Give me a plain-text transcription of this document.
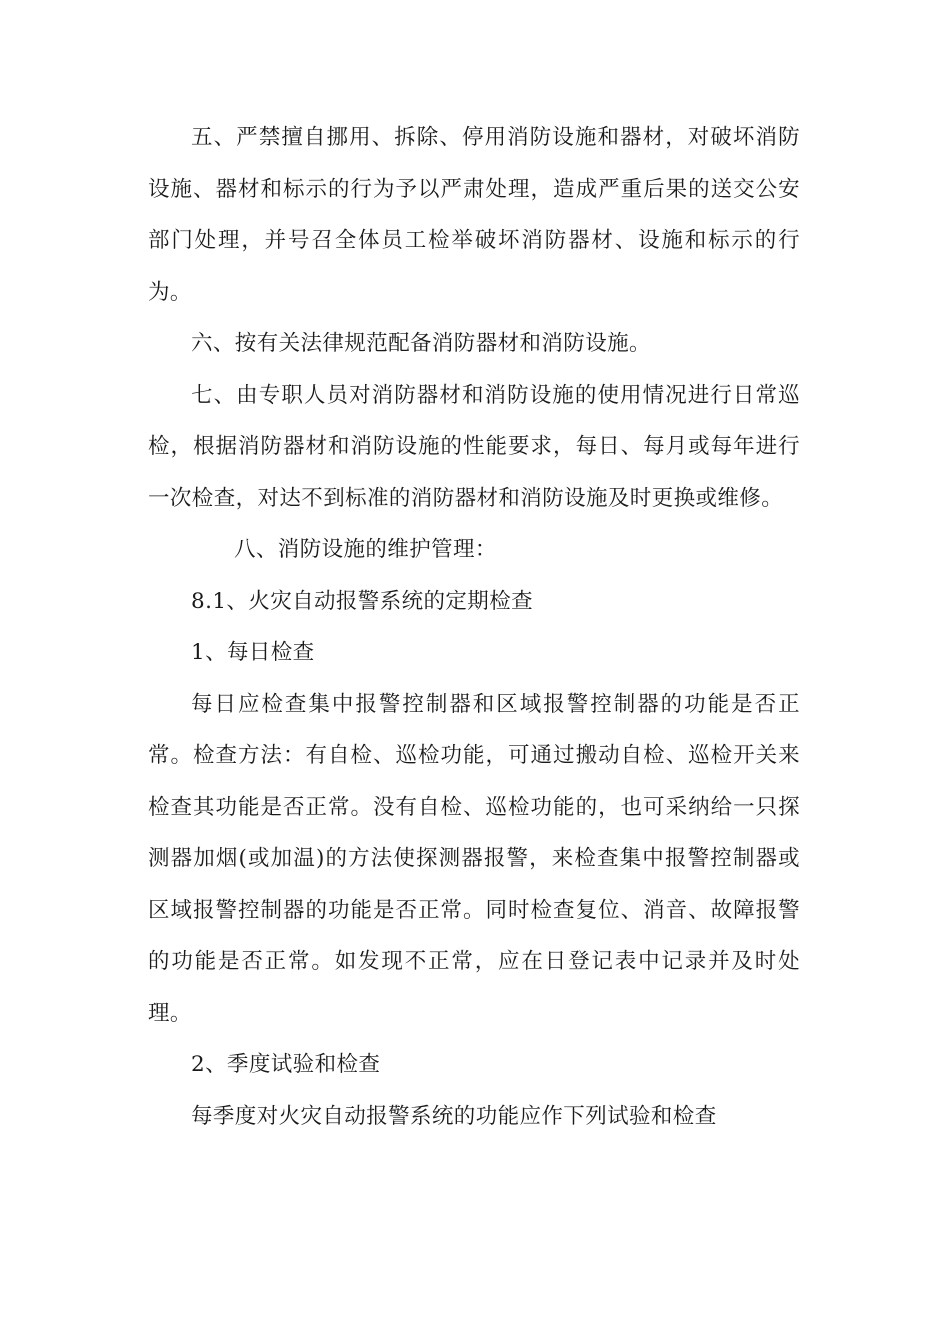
五、严禁擅自挪用、拆除、停用消防设施和器材，对破坏消防设施、器材和标示的行为予以严肃处理，造成严重后果的送交公安部门处理，并号召全体员工检举破坏消防器材、设施和标示的行为。

六、按有关法律规范配备消防器材和消防设施。

七、由专职人员对消防器材和消防设施的使用情况进行日常巡检，根据消防器材和消防设施的性能要求，每日、每月或每年进行一次检查，对达不到标准的消防器材和消防设施及时更换或维修。

八、消防设施的维护管理：

8.1、火灾自动报警系统的定期检查

1、每日检查

每日应检查集中报警控制器和区域报警控制器的功能是否正常。检查方法：有自检、巡检功能，可通过搬动自检、巡检开关来检查其功能是否正常。没有自检、巡检功能的，也可采纳给一只探测器加烟(或加温)的方法使探测器报警，来检查集中报警控制器或区域报警控制器的功能是否正常。同时检查复位、消音、故障报警的功能是否正常。如发现不正常，应在日登记表中记录并及时处理。

2、季度试验和检查

每季度对火灾自动报警系统的功能应作下列试验和检查
